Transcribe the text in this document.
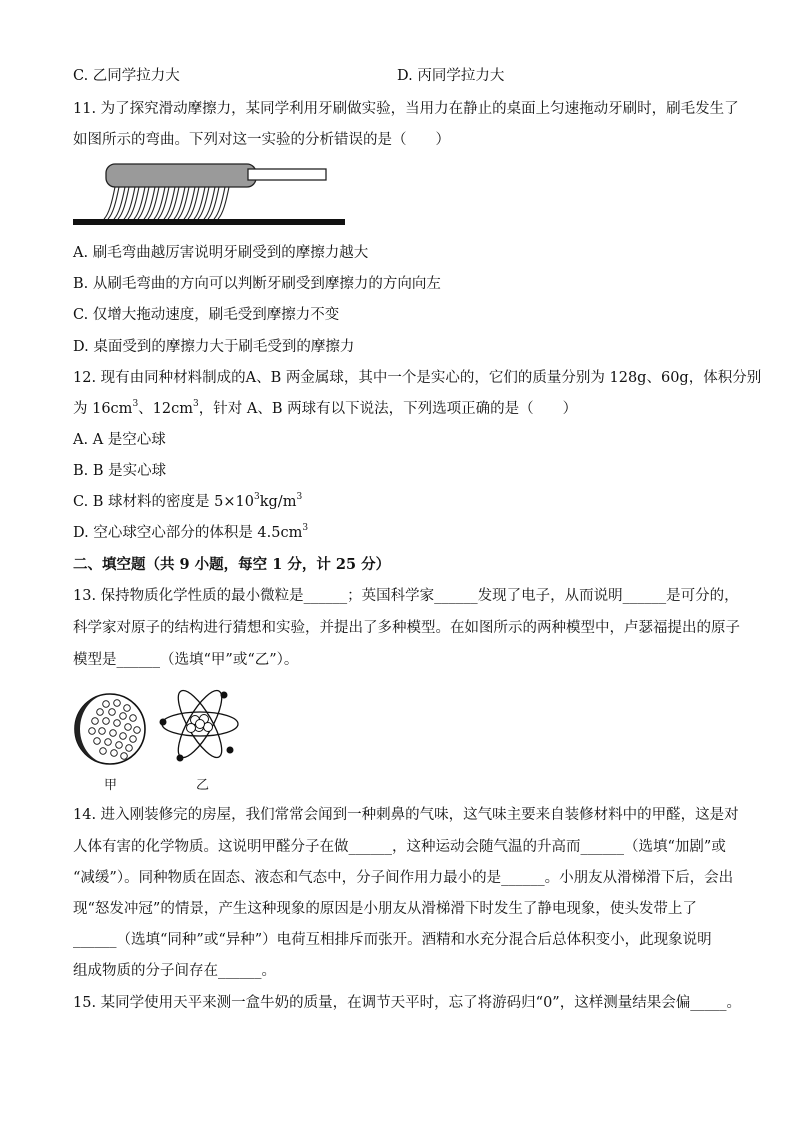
C. 乙同学拉力大	D. 丙同学拉力大
11. 为了探究滑动摩擦力，某同学利用牙刷做实验，当用力在静止的桌面上匀速拖动牙刷时，刷毛发生了
如图所示的弯曲。下列对这一实验的分析错误的是（　　）
A. 刷毛弯曲越厉害说明牙刷受到的摩擦力越大
B. 从刷毛弯曲的方向可以判断牙刷受到摩擦力的方向向左
C. 仅增大拖动速度，刷毛受到摩擦力不变
D. 桌面受到的摩擦力大于刷毛受到的摩擦力
12. 现有由同种材料制成的A、B 两金属球，其中一个是实心的，它们的质量分别为 128g、60g，体积分别
为 $16cm^3$、$12cm^3$，针对 A、B 两球有以下说法，下列选项正确的是（　　）
A. A 是空心球
B. B 是实心球
C. B 球材料的密度是 $5\times 10^3kg/m^3$
D. 空心球空心部分的体积是 $4.5cm^3$
二、填空题（共 9 小题，每空 1 分，计 25 分）
13. 保持物质化学性质的最小微粒是______；英国科学家______发现了电子，从而说明______是可分的，
科学家对原子的结构进行猜想和实验，并提出了多种模型。在如图所示的两种模型中，卢瑟福提出的原子
模型是______（选填“甲”或“乙”）。
甲	乙
14. 进入刚装修完的房屋，我们常常会闻到一种刺鼻的气味，这气味主要来自装修材料中的甲醛，这是对
人体有害的化学物质。这说明甲醛分子在做______，这种运动会随气温的升高而______（选填“加剧”或
“减缓”）。同种物质在固态、液态和气态中，分子间作用力最小的是______。小朋友从滑梯滑下后，会出
现“怒发冲冠”的情景，产生这种现象的原因是小朋友从滑梯滑下时发生了静电现象，使头发带上了
______（选填“同种”或“异种”）电荷互相排斥而张开。酒精和水充分混合后总体积变小，此现象说明
组成物质的分子间存在______。
15. 某同学使用天平来测一盒牛奶的质量，在调节天平时，忘了将游码归“0”，这样测量结果会偏_____。
